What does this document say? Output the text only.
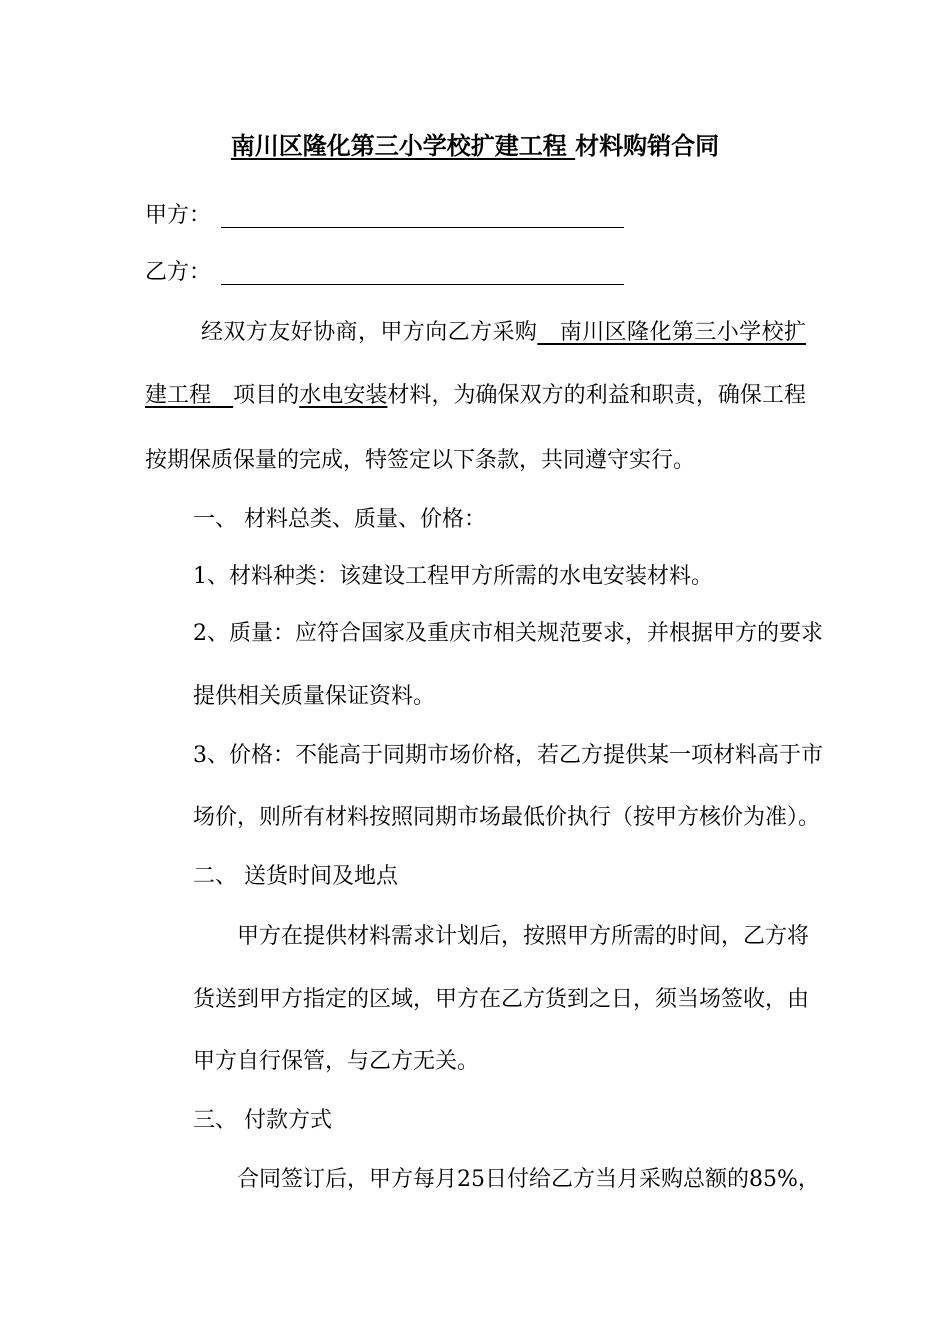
南川区隆化第三小学校扩建工程 材料购销合同
甲方：
乙方：
经双方友好协商，甲方向乙方采购　南川区隆化第三小学校扩
建工程　项目的水电安装材料，为确保双方的利益和职责，确保工程
按期保质保量的完成，特签定以下条款，共同遵守实行。
一、 材料总类、质量、价格：
1、材料种类：该建设工程甲方所需的水电安装材料。
2、质量：应符合国家及重庆市相关规范要求，并根据甲方的要求
提供相关质量保证资料。
3、价格：不能高于同期市场价格，若乙方提供某一项材料高于市
场价，则所有材料按照同期市场最低价执行（按甲方核价为准）。
二、 送货时间及地点
甲方在提供材料需求计划后，按照甲方所需的时间，乙方将
货送到甲方指定的区域，甲方在乙方货到之日，须当场签收，由
甲方自行保管，与乙方无关。
三、 付款方式
合同签订后，甲方每月25日付给乙方当月采购总额的85%，
